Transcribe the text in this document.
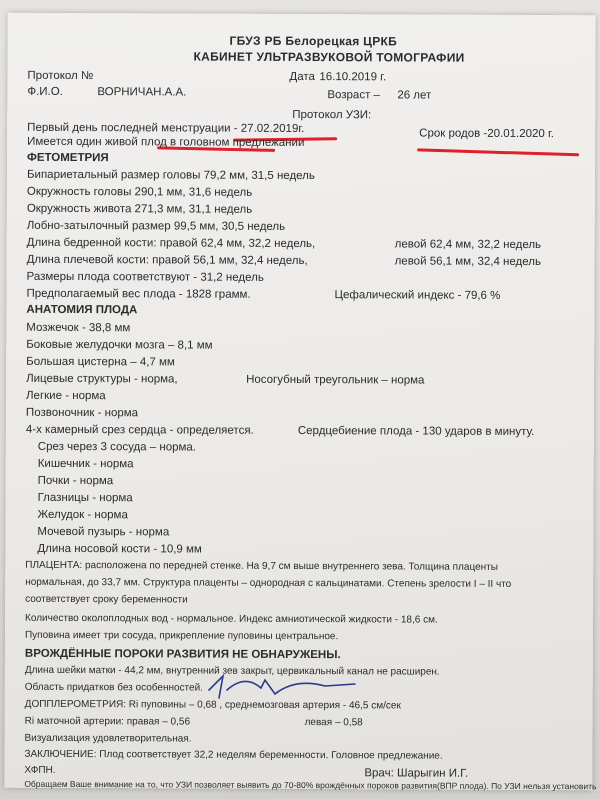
ГБУЗ РБ Белорецкая ЦРКБ
КАБИНЕТ УЛЬТРАЗВУКОВОЙ ТОМОГРАФИИ
Протокол №
Ф.И.О.	ВОРНИЧАН.А.А.
Дата 16.10.2019 г.
Возраст – 26 лет
Протокол УЗИ:
Первый день последней менструации - 27.02.2019г.	Срок родов -20.01.2020 г.
Имеется один живой плод в головном предлежании
ФЕТОМЕТРИЯ
Бипариетальный размер головы 79,2 мм, 31,5 недель
Окружность головы 290,1 мм, 31,6 недель
Окружность живота 271,3 мм, 31,1 недель
Лобно-затылочный размер 99,5 мм, 30,5 недель
Длина бедренной кости: правой 62,4 мм, 32,2 недель,	левой 62,4 мм, 32,2 недель
Длина плечевой кости: правой 56,1 мм, 32,4 недель,	левой 56,1 мм, 32,4 недель
Размеры плода соответствуют - 31,2 недель
Предполагаемый вес плода - 1828 грамм.	Цефалический индекс - 79,6 %
АНАТОМИЯ ПЛОДА
Мозжечок - 38,8 мм
Боковые желудочки мозга – 8,1 мм
Большая цистерна – 4,7 мм
Лицевые структуры - норма,	Носогубный треугольник – норма
Легкие - норма
Позвоночник - норма
4-х камерный срез сердца - определяется.	Сердцебиение плода - 130 ударов в минуту.
Срез через 3 сосуда – норма.
Кишечник - норма
Почки - норма
Глазницы - норма
Желудок - норма
Мочевой пузырь - норма
Длина носовой кости - 10,9 мм
ПЛАЦЕНТА: расположена по передней стенке. На 9,7 см выше внутреннего зева. Толщина плаценты
нормальная, до 33,7 мм. Структура плаценты – однородная с кальцинатами. Степень зрелости I – II что
соответствует сроку беременности
Количество околоплодных вод - нормальное. Индекс амниотической жидкости - 18,6 см.
Пуповина имеет три сосуда, прикрепление пуповины центральное.
ВРОЖДЁННЫЕ ПОРОКИ РАЗВИТИЯ НЕ ОБНАРУЖЕНЫ.
Длина шейки матки - 44,2 мм, внутренний зев закрыт, цервикальный канал не расширен.
Область придатков без особенностей.
ДОППЛЕРОМЕТРИЯ: Ri пуповины – 0,68 , среднемозговая артерия - 46,5 см/сек
Ri маточной артерии: правая – 0,56	левая – 0,58
Визуализация удовлетворительная.
ЗАКЛЮЧЕНИЕ: Плод соответствует 32,2 неделям беременности. Головное предлежание.
ХФПН.	Врач: Шарыгин И.Г.
Обращаем Ваше внимание на то, что УЗИ позволяет выявить до 70-80% врождённых пороков развития(ВПР плода). По УЗИ нельзя установить
